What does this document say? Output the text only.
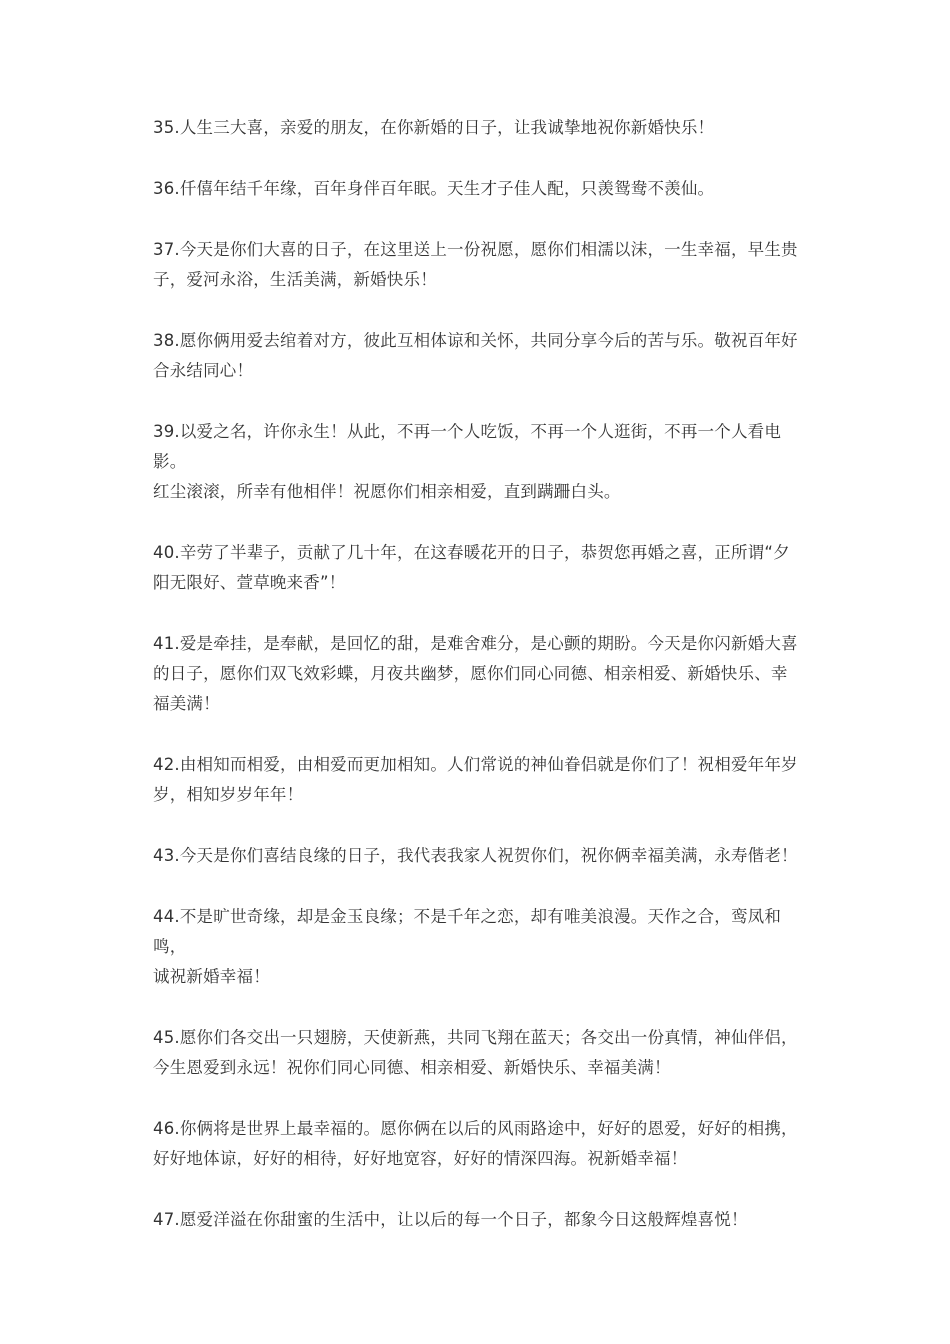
35.人生三大喜，亲爱的朋友，在你新婚的日子，让我诚挚地祝你新婚快乐！
36.仟僖年结千年缘，百年身伴百年眠。天生才子佳人配，只羡鸳鸯不羡仙。
37.今天是你们大喜的日子，在这里送上一份祝愿，愿你们相濡以沫，一生幸福，早生贵
子，爱河永浴，生活美满，新婚快乐！
38.愿你俩用爱去绾着对方，彼此互相体谅和关怀，共同分享今后的苦与乐。敬祝百年好
合永结同心！
39.以爱之名，许你永生！从此，不再一个人吃饭，不再一个人逛街，不再一个人看电影。
红尘滚滚，所幸有他相伴！祝愿你们相亲相爱，直到蹒跚白头。
40.辛劳了半辈子，贡献了几十年，在这春暖花开的日子，恭贺您再婚之喜，正所谓“夕
阳无限好、萱草晚来香”！
41.爱是牵挂，是奉献，是回忆的甜，是难舍难分，是心颤的期盼。今天是你闪新婚大喜
的日子，愿你们双飞效彩蝶，月夜共幽梦，愿你们同心同德、相亲相爱、新婚快乐、幸
福美满！
42.由相知而相爱，由相爱而更加相知。人们常说的神仙眷侣就是你们了！祝相爱年年岁
岁，相知岁岁年年！
43.今天是你们喜结良缘的日子，我代表我家人祝贺你们，祝你俩幸福美满，永寿偕老！
44.不是旷世奇缘，却是金玉良缘；不是千年之恋，却有唯美浪漫。天作之合，鸾凤和鸣，
诚祝新婚幸福！
45.愿你们各交出一只翅膀，天使新燕，共同飞翔在蓝天；各交出一份真情，神仙伴侣，
今生恩爱到永远！祝你们同心同德、相亲相爱、新婚快乐、幸福美满！
46.你俩将是世界上最幸福的。愿你俩在以后的风雨路途中，好好的恩爱，好好的相携，
好好地体谅，好好的相待，好好地宽容，好好的情深四海。祝新婚幸福！
47.愿爱洋溢在你甜蜜的生活中，让以后的每一个日子，都象今日这般辉煌喜悦！
